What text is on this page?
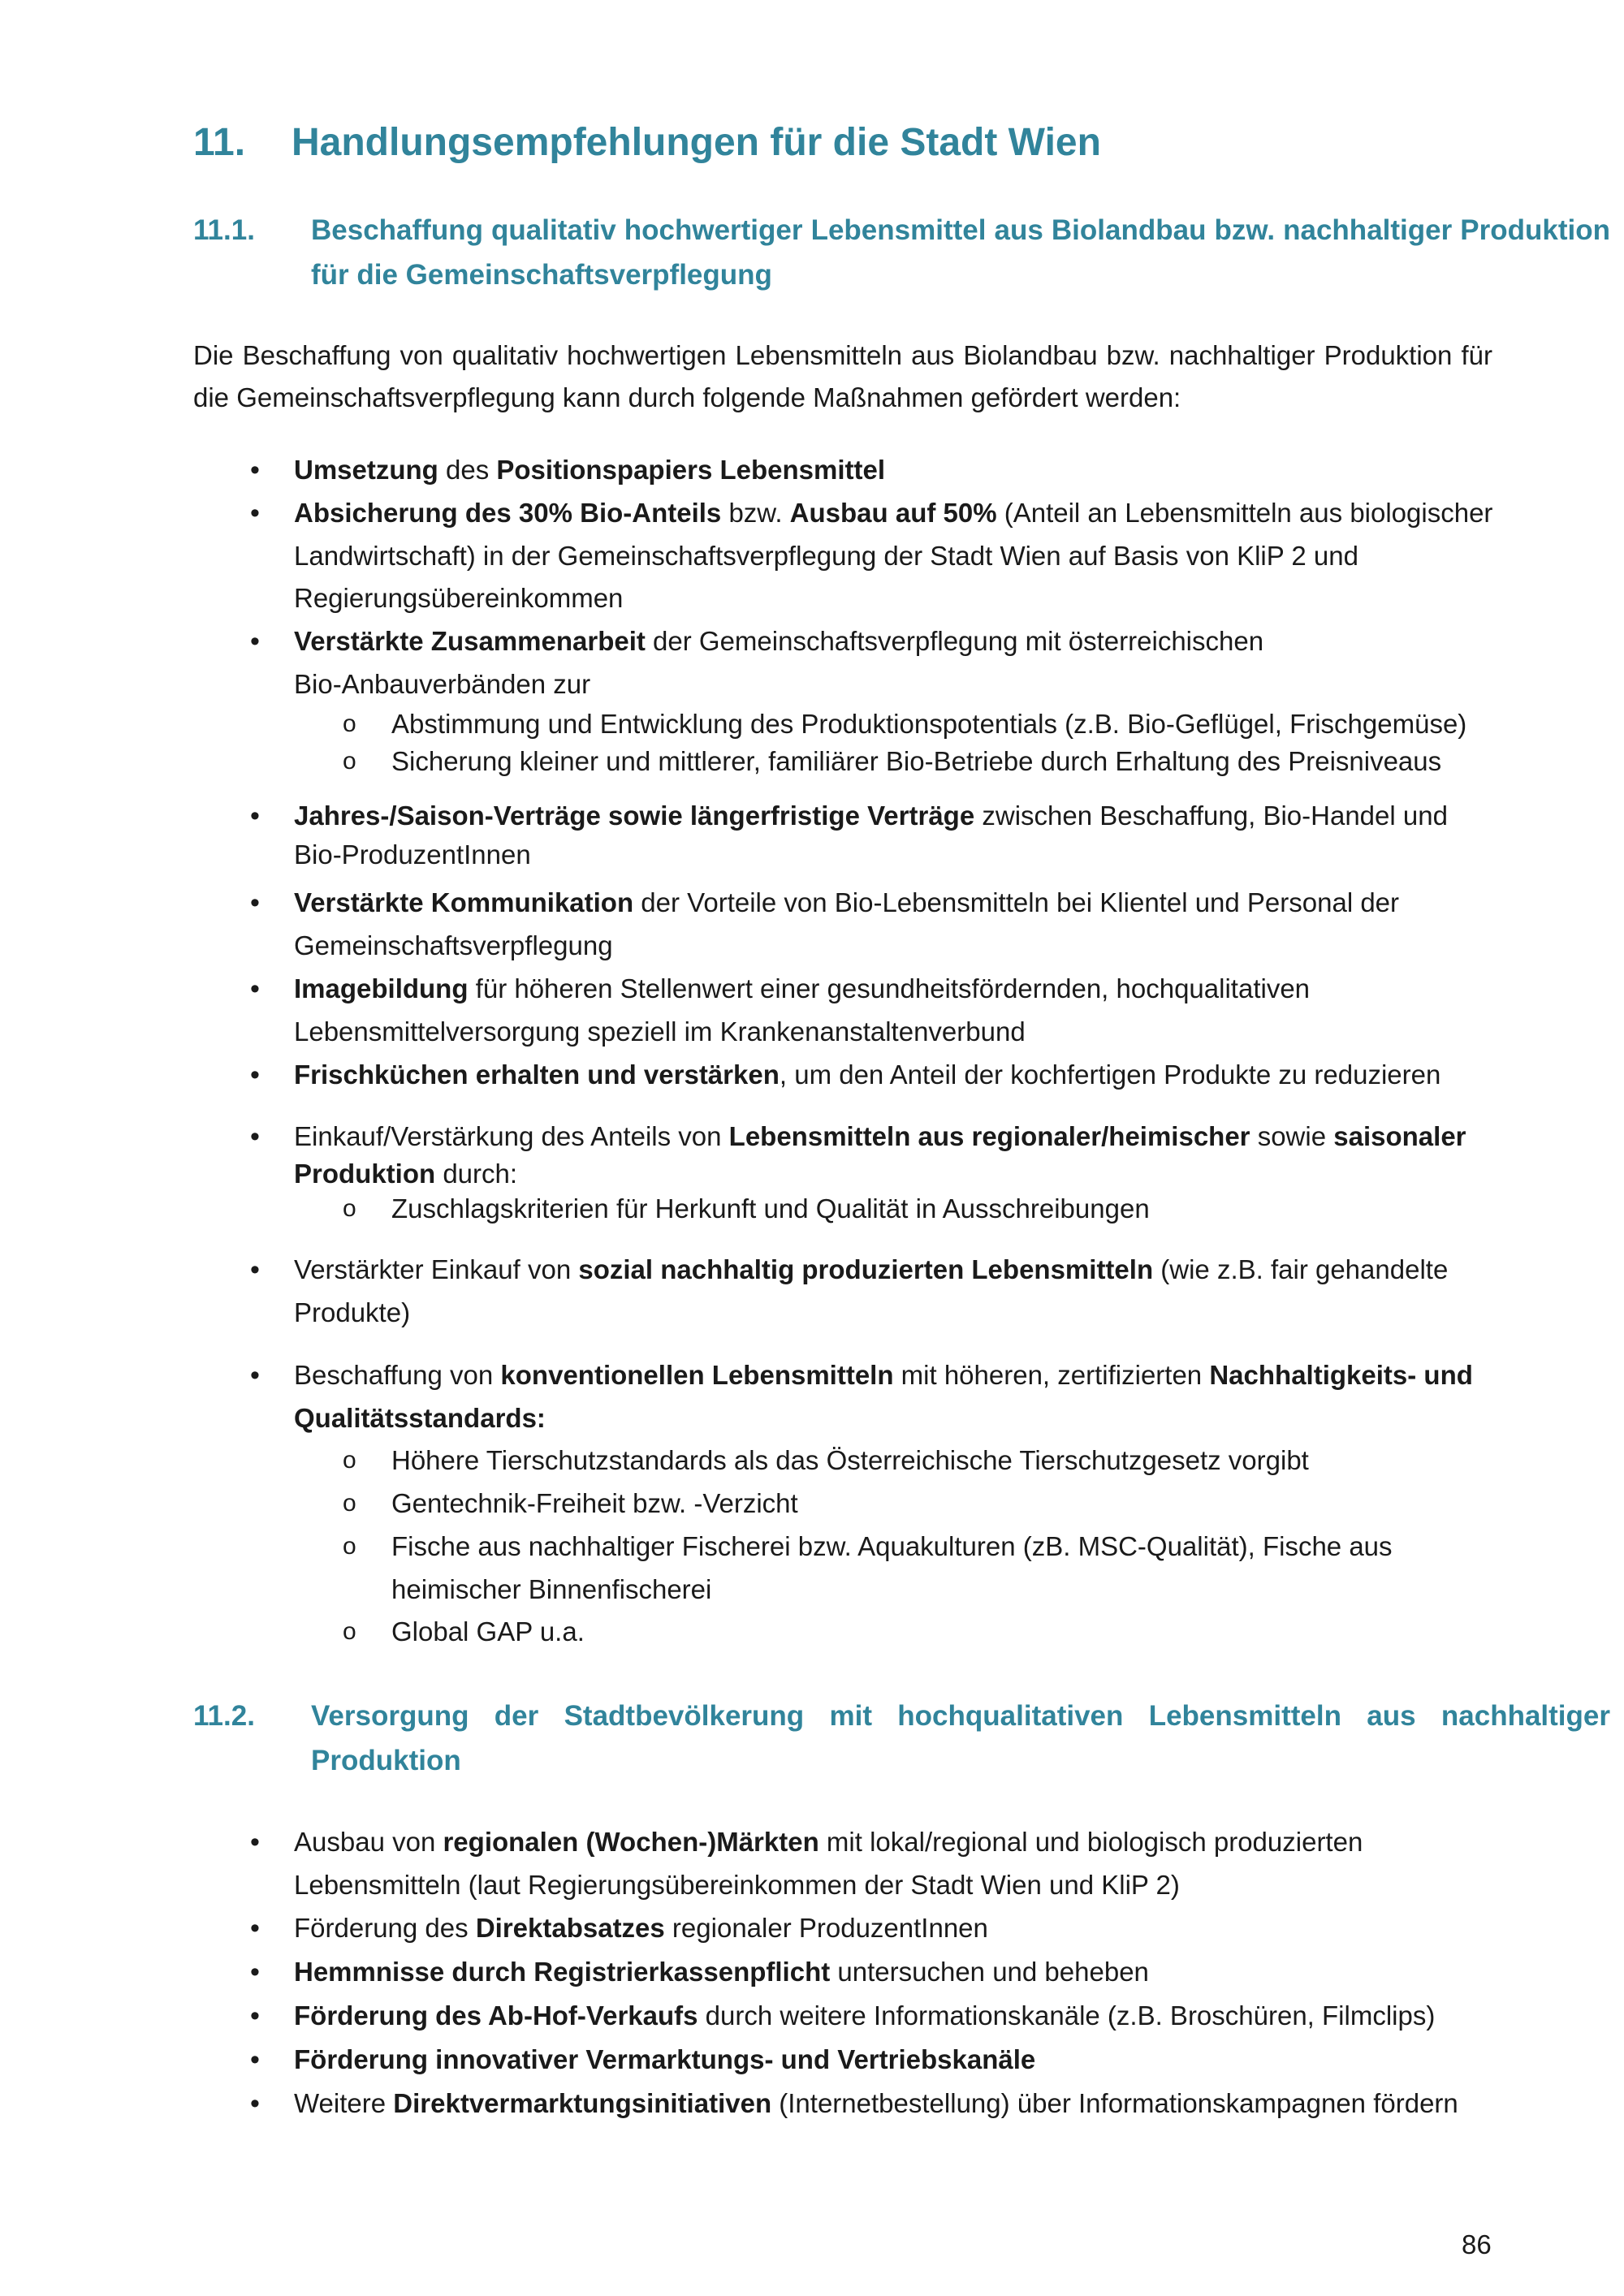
11. Handlungsempfehlungen für die Stadt Wien
11.1. Beschaffung qualitativ hochwertiger Lebensmittel aus Biolandbau bzw. nachhaltiger Produktion für die Gemeinschaftsverpflegung
Die Beschaffung von qualitativ hochwertigen Lebensmitteln aus Biolandbau bzw. nachhaltiger Produktion für die Gemeinschaftsverpflegung kann durch folgende Maßnahmen gefördert werden:
• Umsetzung des Positionspapiers Lebensmittel
• Absicherung des 30% Bio-Anteils bzw. Ausbau auf 50% (Anteil an Lebensmitteln aus biologischer Landwirtschaft) in der Gemeinschaftsverpflegung der Stadt Wien auf Basis von KliP 2 und Regierungsübereinkommen
• Verstärkte Zusammenarbeit der Gemeinschaftsverpflegung mit österreichischen
Bio-Anbauverbänden zur
o Abstimmung und Entwicklung des Produktionspotentials (z.B. Bio-Geflügel, Frischgemüse)
o Sicherung kleiner und mittlerer, familiärer Bio-Betriebe durch Erhaltung des Preisniveaus
• Jahres-/Saison-Verträge sowie längerfristige Verträge zwischen Beschaffung, Bio-Handel und
Bio-ProduzentInnen
• Verstärkte Kommunikation der Vorteile von Bio-Lebensmitteln bei Klientel und Personal der Gemeinschaftsverpflegung
• Imagebildung für höheren Stellenwert einer gesundheitsfördernden, hochqualitativen Lebensmittelversorgung speziell im Krankenanstaltenverbund
• Frischküchen erhalten und verstärken, um den Anteil der kochfertigen Produkte zu reduzieren
• Einkauf/Verstärkung des Anteils von Lebensmitteln aus regionaler/heimischer sowie saisonaler
Produktion durch:
o Zuschlagskriterien für Herkunft und Qualität in Ausschreibungen
• Verstärkter Einkauf von sozial nachhaltig produzierten Lebensmitteln (wie z.B. fair gehandelte Produkte)
• Beschaffung von konventionellen Lebensmitteln mit höheren, zertifizierten Nachhaltigkeits- und
Qualitätsstandards:
o Höhere Tierschutzstandards als das Österreichische Tierschutzgesetz vorgibt
o Gentechnik-Freiheit bzw. -Verzicht
o Fische aus nachhaltiger Fischerei bzw. Aquakulturen (zB. MSC-Qualität), Fische aus heimischer Binnenfischerei
o Global GAP u.a.
11.2. Versorgung der Stadtbevölkerung mit hochqualitativen Lebensmitteln aus nachhaltiger Produktion
• Ausbau von regionalen (Wochen-)Märkten mit lokal/regional und biologisch produzierten Lebensmitteln (laut Regierungsübereinkommen der Stadt Wien und KliP 2)
• Förderung des Direktabsatzes regionaler ProduzentInnen
• Hemmnisse durch Registrierkassenpflicht untersuchen und beheben
• Förderung des Ab-Hof-Verkaufs durch weitere Informationskanäle (z.B. Broschüren, Filmclips)
• Förderung innovativer Vermarktungs- und Vertriebskanäle
• Weitere Direktvermarktungsinitiativen (Internetbestellung) über Informationskampagnen fördern
86
